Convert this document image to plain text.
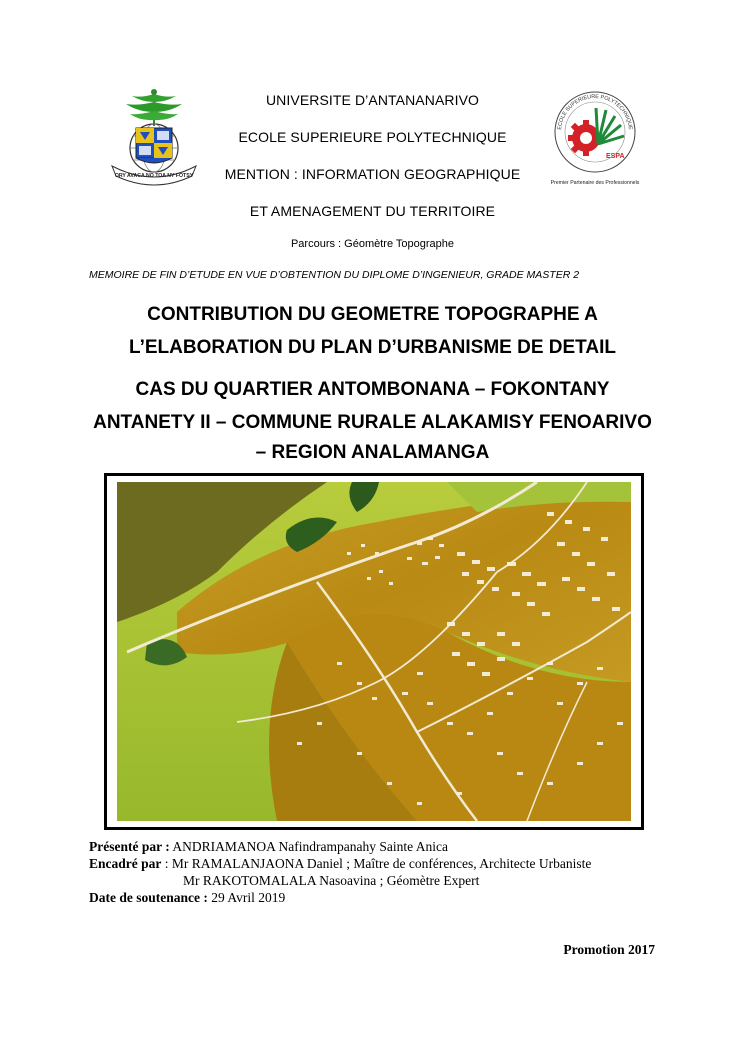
ORY AVACA NO TOA NY FOTSY
ECOLE SUPERIEURE POLYTECHNIQUE
ESPA
Premier Partenaire des Professionnels
UNIVERSITE D’ANTANANARIVO
ECOLE SUPERIEURE POLYTECHNIQUE
MENTION : INFORMATION GEOGRAPHIQUE
ET AMENAGEMENT DU TERRITOIRE
Parcours : Géomètre Topographe
MEMOIRE DE FIN D’ETUDE EN VUE D’OBTENTION DU DIPLOME D’INGENIEUR, GRADE MASTER 2
CONTRIBUTION DU GEOMETRE TOPOGRAPHE A
L’ELABORATION DU PLAN D’URBANISME DE DETAIL
CAS DU QUARTIER ANTOMBONANA – FOKONTANY
ANTANETY II – COMMUNE RURALE ALAKAMISY FENOARIVO
– REGION ANALAMANGA
Présenté par : ANDRIAMANOA Nafindrampanahy Sainte Anica
Encadré par : Mr RAMALANJAONA Daniel ; Maître de conférences, Architecte Urbaniste
Mr RAKOTOMALALA Nasoavina ; Géomètre Expert
Date de soutenance : 29 Avril 2019
Promotion 2017
